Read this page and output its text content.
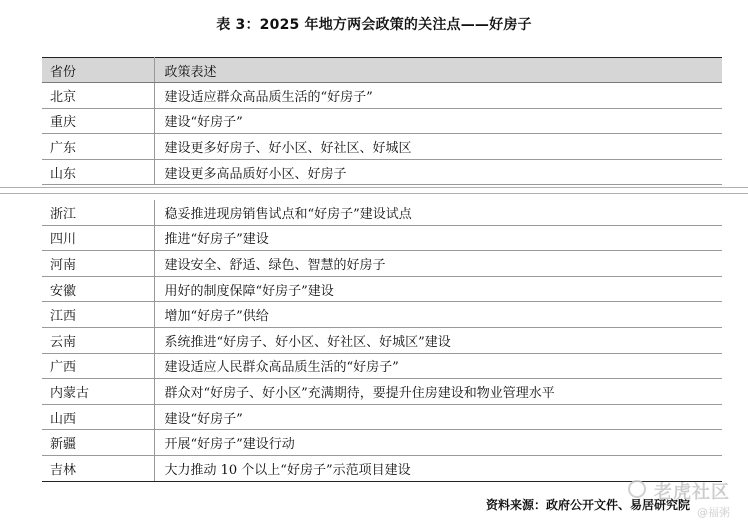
表 3：2025 年地方两会政策的关注点——好房子
省份	政策表述
北京	建设适应群众高品质生活的“好房子”
重庆	建设“好房子”
广东	建设更多好房子、好小区、好社区、好城区
山东	建设更多高品质好小区、好房子
浙江	稳妥推进现房销售试点和“好房子”建设试点
四川	推进“好房子”建设
河南	建设安全、舒适、绿色、智慧的好房子
安徽	用好的制度保障“好房子”建设
江西	增加“好房子”供给
云南	系统推进“好房子、好小区、好社区、好城区”建设
广西	建设适应人民群众高品质生活的“好房子”
内蒙古	群众对“好房子、好小区”充满期待，要提升住房建设和物业管理水平
山西	建设“好房子”
新疆	开展“好房子”建设行动
吉林	大力推动 10 个以上“好房子”示范项目建设
资料来源：政府公开文件、易居研究院
老虎社区
@福粥
